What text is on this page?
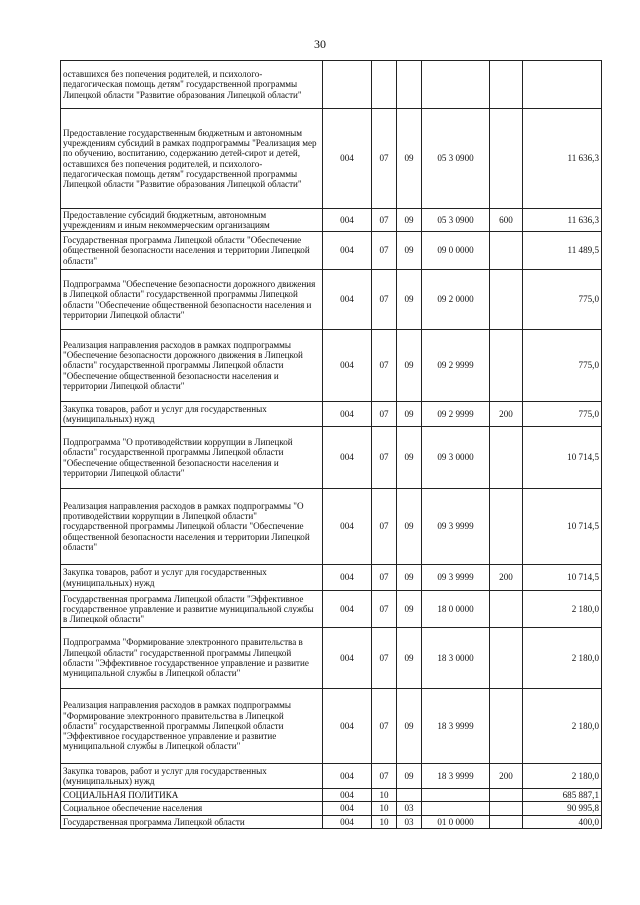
30
оставшихся без попечения родителей, и психолого-педагогическая помощь детям" государственной программы Липецкой области "Развитие образования Липецкой области"						
Предоставление государственным бюджетным и автономным учреждениям субсидий в рамках подпрограммы "Реализация мер по обучению, воспитанию, содержанию детей-сирот и детей, оставшихся без попечения родителей, и психолого-педагогическая помощь детям" государственной программы Липецкой области "Развитие образования Липецкой области"	004	07	09	05 3 0900		11 636,3
Предоставление субсидий бюджетным, автономным учреждениям и иным некоммерческим организациям	004	07	09	05 3 0900	600	11 636,3
Государственная программа Липецкой области "Обеспечение общественной безопасности населения и территории Липецкой области"	004	07	09	09 0 0000		11 489,5
Подпрограмма "Обеспечение безопасности дорожного движения в Липецкой области" государственной программы Липецкой области "Обеспечение общественной безопасности населения и территории Липецкой области"	004	07	09	09 2 0000		775,0
Реализация направления расходов в рамках подпрограммы "Обеспечение безопасности дорожного движения в Липецкой области" государственной программы Липецкой области "Обеспечение общественной безопасности населения и территории Липецкой области"	004	07	09	09 2 9999		775,0
Закупка товаров, работ и услуг для государственных (муниципальных) нужд	004	07	09	09 2 9999	200	775,0
Подпрограмма "О противодействии коррупции в Липецкой области" государственной программы Липецкой области "Обеспечение общественной безопасности населения и территории Липецкой области"	004	07	09	09 3 0000		10 714,5
Реализация направления расходов в рамках подпрограммы "О противодействии коррупции в Липецкой области" государственной программы Липецкой области "Обеспечение общественной безопасности населения и территории Липецкой области"	004	07	09	09 3 9999		10 714,5
Закупка товаров, работ и услуг для государственных (муниципальных) нужд	004	07	09	09 3 9999	200	10 714,5
Государственная программа Липецкой области "Эффективное государственное управление и развитие муниципальной службы в Липецкой области"	004	07	09	18 0 0000		2 180,0
Подпрограмма "Формирование электронного правительства в Липецкой области" государственной программы Липецкой области "Эффективное государственное управление и развитие муниципальной службы в Липецкой области"	004	07	09	18 3 0000		2 180,0
Реализация направления расходов в рамках подпрограммы "Формирование электронного правительства в Липецкой области" государственной программы Липецкой области "Эффективное государственное управление и развитие муниципальной службы в Липецкой области"	004	07	09	18 3 9999		2 180,0
Закупка товаров, работ и услуг для государственных (муниципальных) нужд	004	07	09	18 3 9999	200	2 180,0
СОЦИАЛЬНАЯ ПОЛИТИКА	004	10				685 887,1
Социальное обеспечение населения	004	10	03			90 995,8
Государственная программа Липецкой области	004	10	03	01 0 0000		400,0
